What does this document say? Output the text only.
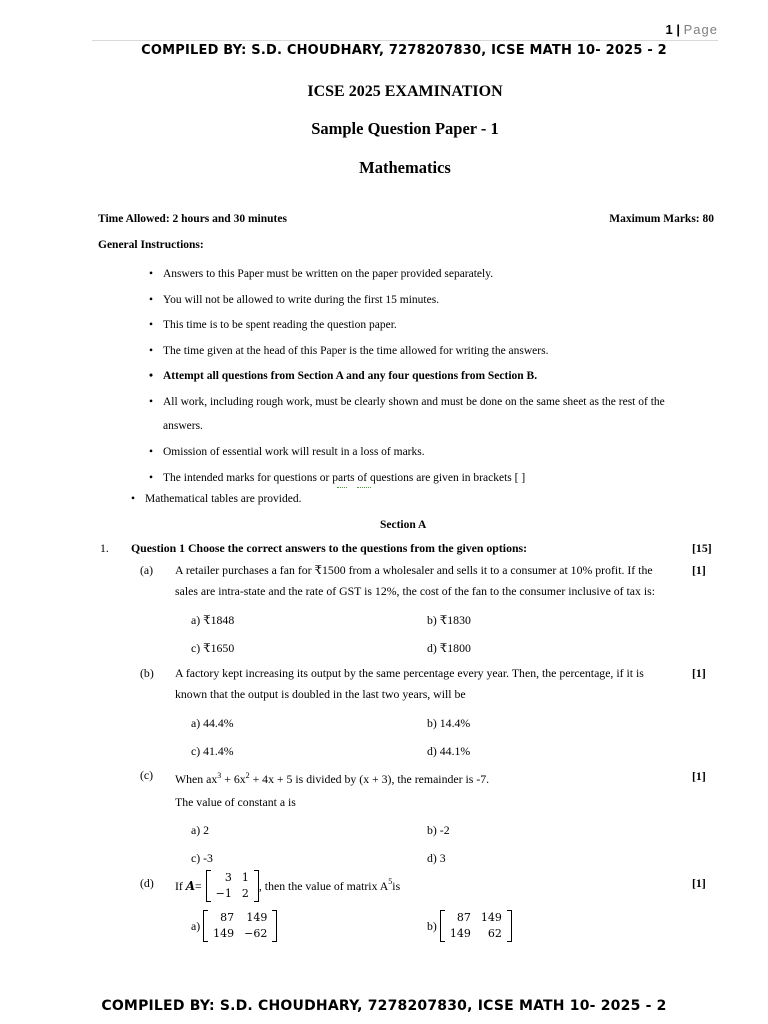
1 | Page
COMPILED BY: S.D. CHOUDHARY, 7278207830, ICSE MATH 10- 2025 - 2
ICSE 2025 EXAMINATION
Sample Question Paper - 1
Mathematics
Time Allowed: 2 hours and 30 minutes	Maximum Marks: 80
General Instructions:
• Answers to this Paper must be written on the paper provided separately.
• You will not be allowed to write during the first 15 minutes.
• This time is to be spent reading the question paper.
• The time given at the head of this Paper is the time allowed for writing the answers.
• Attempt all questions from Section A and any four questions from Section B.
• All work, including rough work, must be clearly shown and must be done on the same sheet as the rest of the
answers.
• Omission of essential work will result in a loss of marks.
• The intended marks for questions or parts of questions are given in brackets [ ]
• Mathematical tables are provided.
Section A
1. Question 1 Choose the correct answers to the questions from the given options:	[15]
(a) A retailer purchases a fan for ₹1500 from a wholesaler and sells it to a consumer at 10% profit. If the
sales are intra-state and the rate of GST is 12%, the cost of the fan to the consumer inclusive of tax is:
[1]
a) ₹1848	b) ₹1830
c) ₹1650	d) ₹1800
(b) A factory kept increasing its output by the same percentage every year. Then, the percentage, if it is
known that the output is doubled in the last two years, will be
[1]
a) 44.4%	b) 14.4%
c) 41.4%	d) 44.1%
(c) When $ax^3 + 6x^2 + 4x + 5$ is divided by (x + 3), the remainder is -7.
The value of constant a is
[1]
a) 2	b) -2
c) -3	d) 3
(d) If A =
3	1
−1	2
, then the value of matrix $A^5$ is	[1]
a)
87	149
149	−62
b)
87	149
149	62
COMPILED BY: S.D. CHOUDHARY, 7278207830, ICSE MATH 10- 2025 - 2
